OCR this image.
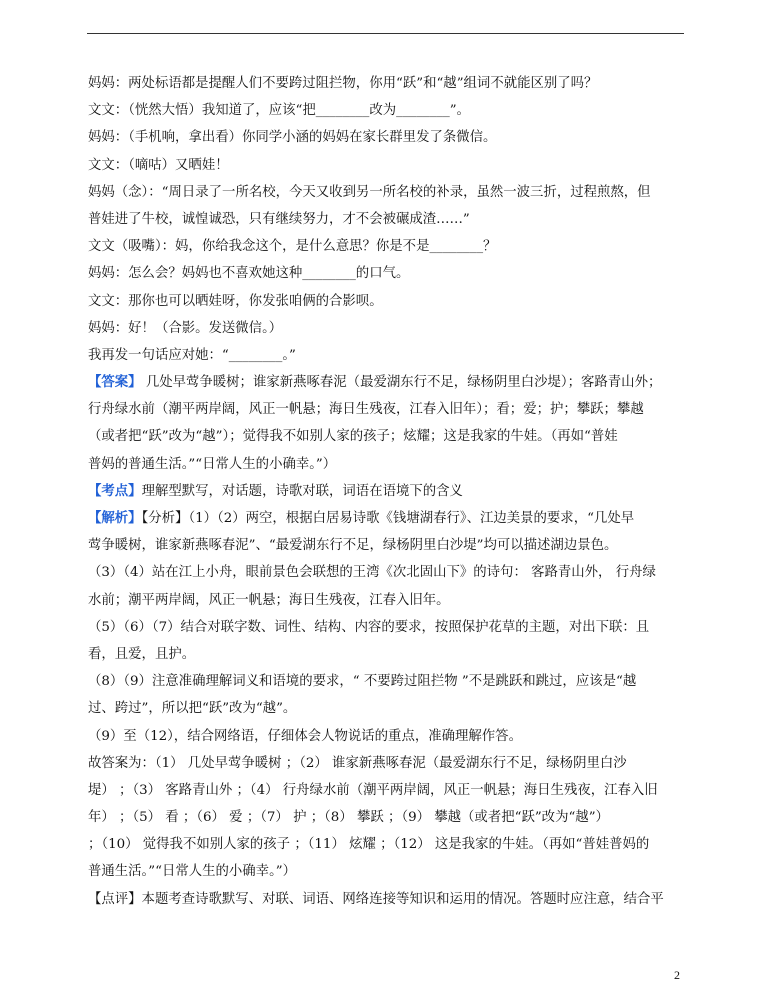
妈妈：两处标语都是提醒人们不要跨过阻拦物，你用“跃”和“越”组词不就能区别了吗？
文文：（恍然大悟）我知道了，应该“把________改为________”。
妈妈：（手机响，拿出看）你同学小涵的妈妈在家长群里发了条微信。
文文：（嘀咕）又晒娃！
妈妈（念）：“周日录了一所名校，今天又收到另一所名校的补录，虽然一波三折，过程煎熬，但
普娃进了牛校，诚惶诚恐，只有继续努力，才不会被碾成渣……”
文文（吸嘴）：妈，你给我念这个，是什么意思？你是不是________？
妈妈：怎么会？妈妈也不喜欢她这种________的口气。
文文：那你也可以晒娃呀，你发张咱俩的合影呗。
妈妈：好！（合影。发送微信。）
我再发一句话应对她：“________。”
【答案】 几处早莺争暖树；谁家新燕啄春泥（最爱湖东行不足，绿杨阴里白沙堤）；客路青山外；
行舟绿水前（潮平两岸阔，风正一帆悬；海日生残夜，江春入旧年）；看；爱；护；攀跃；攀越
（或者把“跃”改为“越”）；觉得我不如别人家的孩子；炫耀；这是我家的牛娃。（再如“普娃
普妈的普通生活。”“日常人生的小确幸。”）
【考点】理解型默写，对话题，诗歌对联，词语在语境下的含义
【解析】【分析】（1）（2）两空，根据白居易诗歌《钱塘湖春行》、江边美景的要求，“几处早
莺争暖树，谁家新燕啄春泥”、“最爱湖东行不足，绿杨阴里白沙堤”均可以描述湖边景色。
（3）（4）站在江上小舟，眼前景色会联想的王湾《次北固山下》的诗句： 客路青山外， 行舟绿
水前；潮平两岸阔，风正一帆悬；海日生残夜，江春入旧年。
（5）（6）（7）结合对联字数、词性、结构、内容的要求，按照保护花草的主题，对出下联：且
看，且爱，且护。
（8）（9）注意准确理解词义和语境的要求，“ 不要跨过阻拦物 ”不是跳跃和跳过，应该是“越
过、跨过”，所以把“跃”改为“越”。
（9）至（12），结合网络语，仔细体会人物说话的重点，准确理解作答。
故答案为：（1） 几处早莺争暖树 ；（2） 谁家新燕啄春泥（最爱湖东行不足，绿杨阴里白沙
堤） ；（3） 客路青山外 ；（4） 行舟绿水前（潮平两岸阔，风正一帆悬；海日生残夜，江春入旧
年） ；（5） 看 ；（6） 爱 ；（7） 护 ；（8） 攀跃 ；（9） 攀越（或者把“跃”改为“越”）
；（10） 觉得我不如别人家的孩子 ；（11） 炫耀 ；（12） 这是我家的牛娃。（再如“普娃普妈的
普通生活。”“日常人生的小确幸。”）
【点评】本题考查诗歌默写、对联、词语、网络连接等知识和运用的情况。答题时应注意，结合平
2
